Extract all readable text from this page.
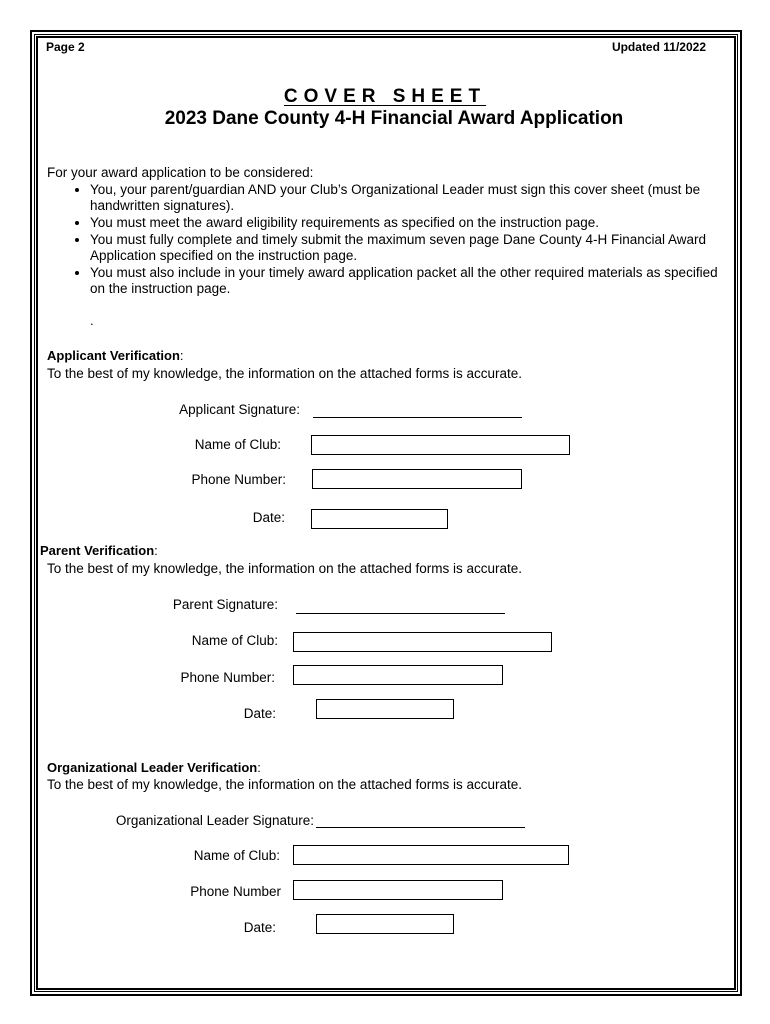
Page 2	Updated 11/2022
COVER SHEET
2023 Dane County 4-H Financial Award Application
For your award application to be considered:
• You, your parent/guardian AND your Club’s Organizational Leader must sign this cover sheet (must be handwritten signatures).
• You must meet the award eligibility requirements as specified on the instruction page.
• You must fully complete and timely submit the maximum seven page Dane County 4-H Financial Award Application specified on the instruction page.
• You must also include in your timely award application packet all the other required materials as specified on the instruction page.
.
Applicant Verification:
To the best of my knowledge, the information on the attached forms is accurate.
Applicant Signature:
Name of Club:
Phone Number:
Date:
Parent Verification:
To the best of my knowledge, the information on the attached forms is accurate.
Parent Signature:
Name of Club:
Phone Number:
Date:
Organizational Leader Verification:
To the best of my knowledge, the information on the attached forms is accurate.
Organizational Leader Signature:
Name of Club:
Phone Number
Date:
